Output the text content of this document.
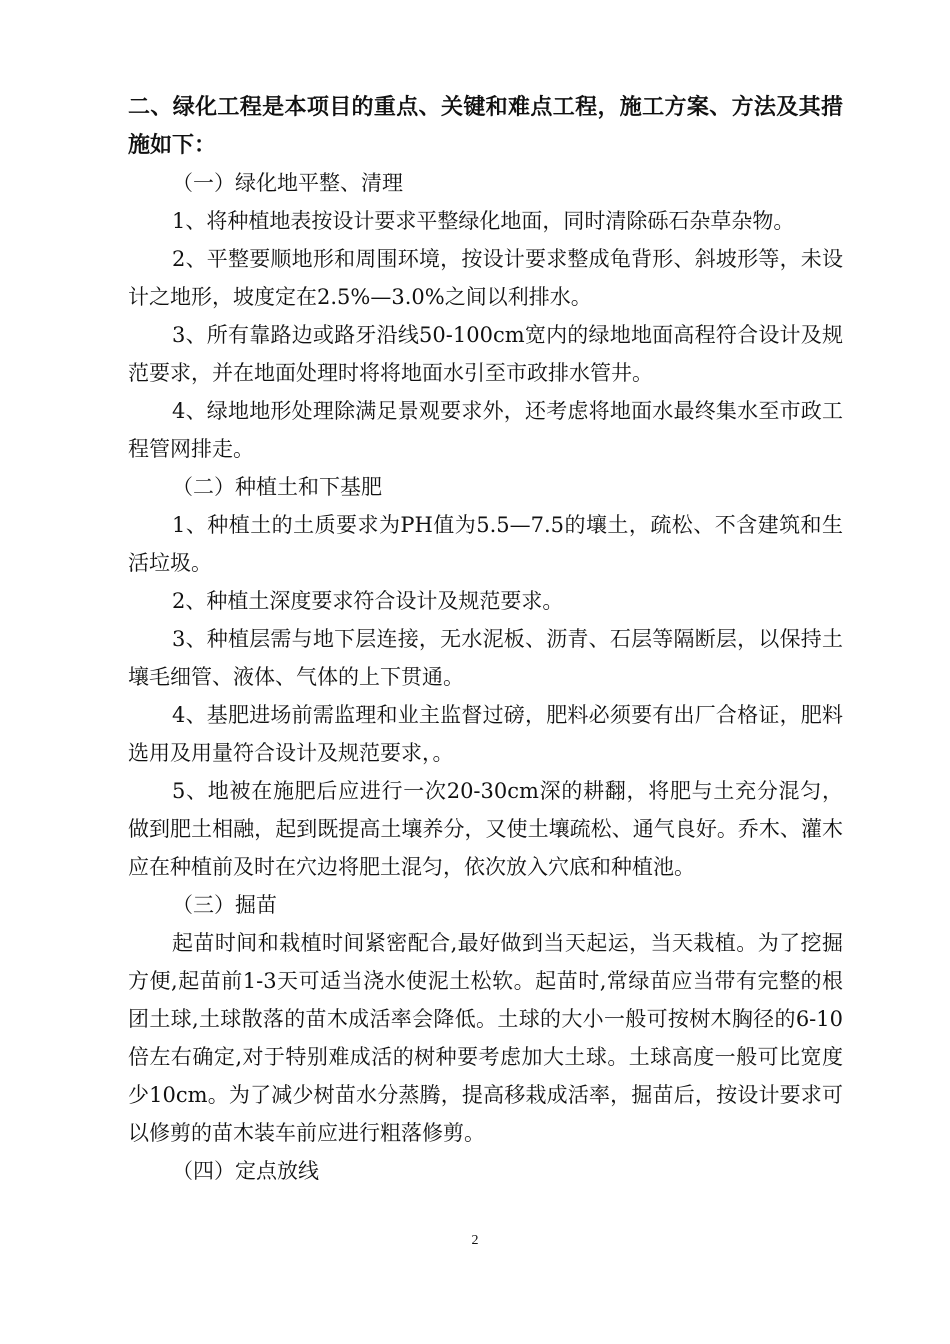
二、绿化工程是本项目的重点、关键和难点工程，施工方案、方法及其措施如下：

（一）绿化地平整、清理

1、将种植地表按设计要求平整绿化地面，同时清除砾石杂草杂物。

2、平整要顺地形和周围环境，按设计要求整成龟背形、斜坡形等，未设计之地形，坡度定在2.5%—3.0%之间以利排水。

3、所有靠路边或路牙沿线50-100cm宽内的绿地地面高程符合设计及规范要求，并在地面处理时将将地面水引至市政排水管井。

4、绿地地形处理除满足景观要求外，还考虑将地面水最终集水至市政工程管网排走。

（二）种植土和下基肥

1、种植土的土质要求为PH值为5.5—7.5的壤土，疏松、不含建筑和生活垃圾。

2、种植土深度要求符合设计及规范要求。

3、种植层需与地下层连接，无水泥板、沥青、石层等隔断层，以保持土壤毛细管、液体、气体的上下贯通。

4、基肥进场前需监理和业主监督过磅，肥料必须要有出厂合格证，肥料选用及用量符合设计及规范要求，。

5、地被在施肥后应进行一次20-30cm深的耕翻，将肥与土充分混匀，做到肥土相融，起到既提高土壤养分，又使土壤疏松、通气良好。乔木、灌木应在种植前及时在穴边将肥土混匀，依次放入穴底和种植池。

（三）掘苗

起苗时间和栽植时间紧密配合,最好做到当天起运，当天栽植。为了挖掘方便,起苗前1-3天可适当浇水使泥土松软。起苗时,常绿苗应当带有完整的根团土球,土球散落的苗木成活率会降低。土球的大小一般可按树木胸径的6-10倍左右确定,对于特别难成活的树种要考虑加大土球。土球高度一般可比宽度少10cm。为了减少树苗水分蒸腾，提高移栽成活率，掘苗后，按设计要求可以修剪的苗木装车前应进行粗落修剪。

（四）定点放线

2
